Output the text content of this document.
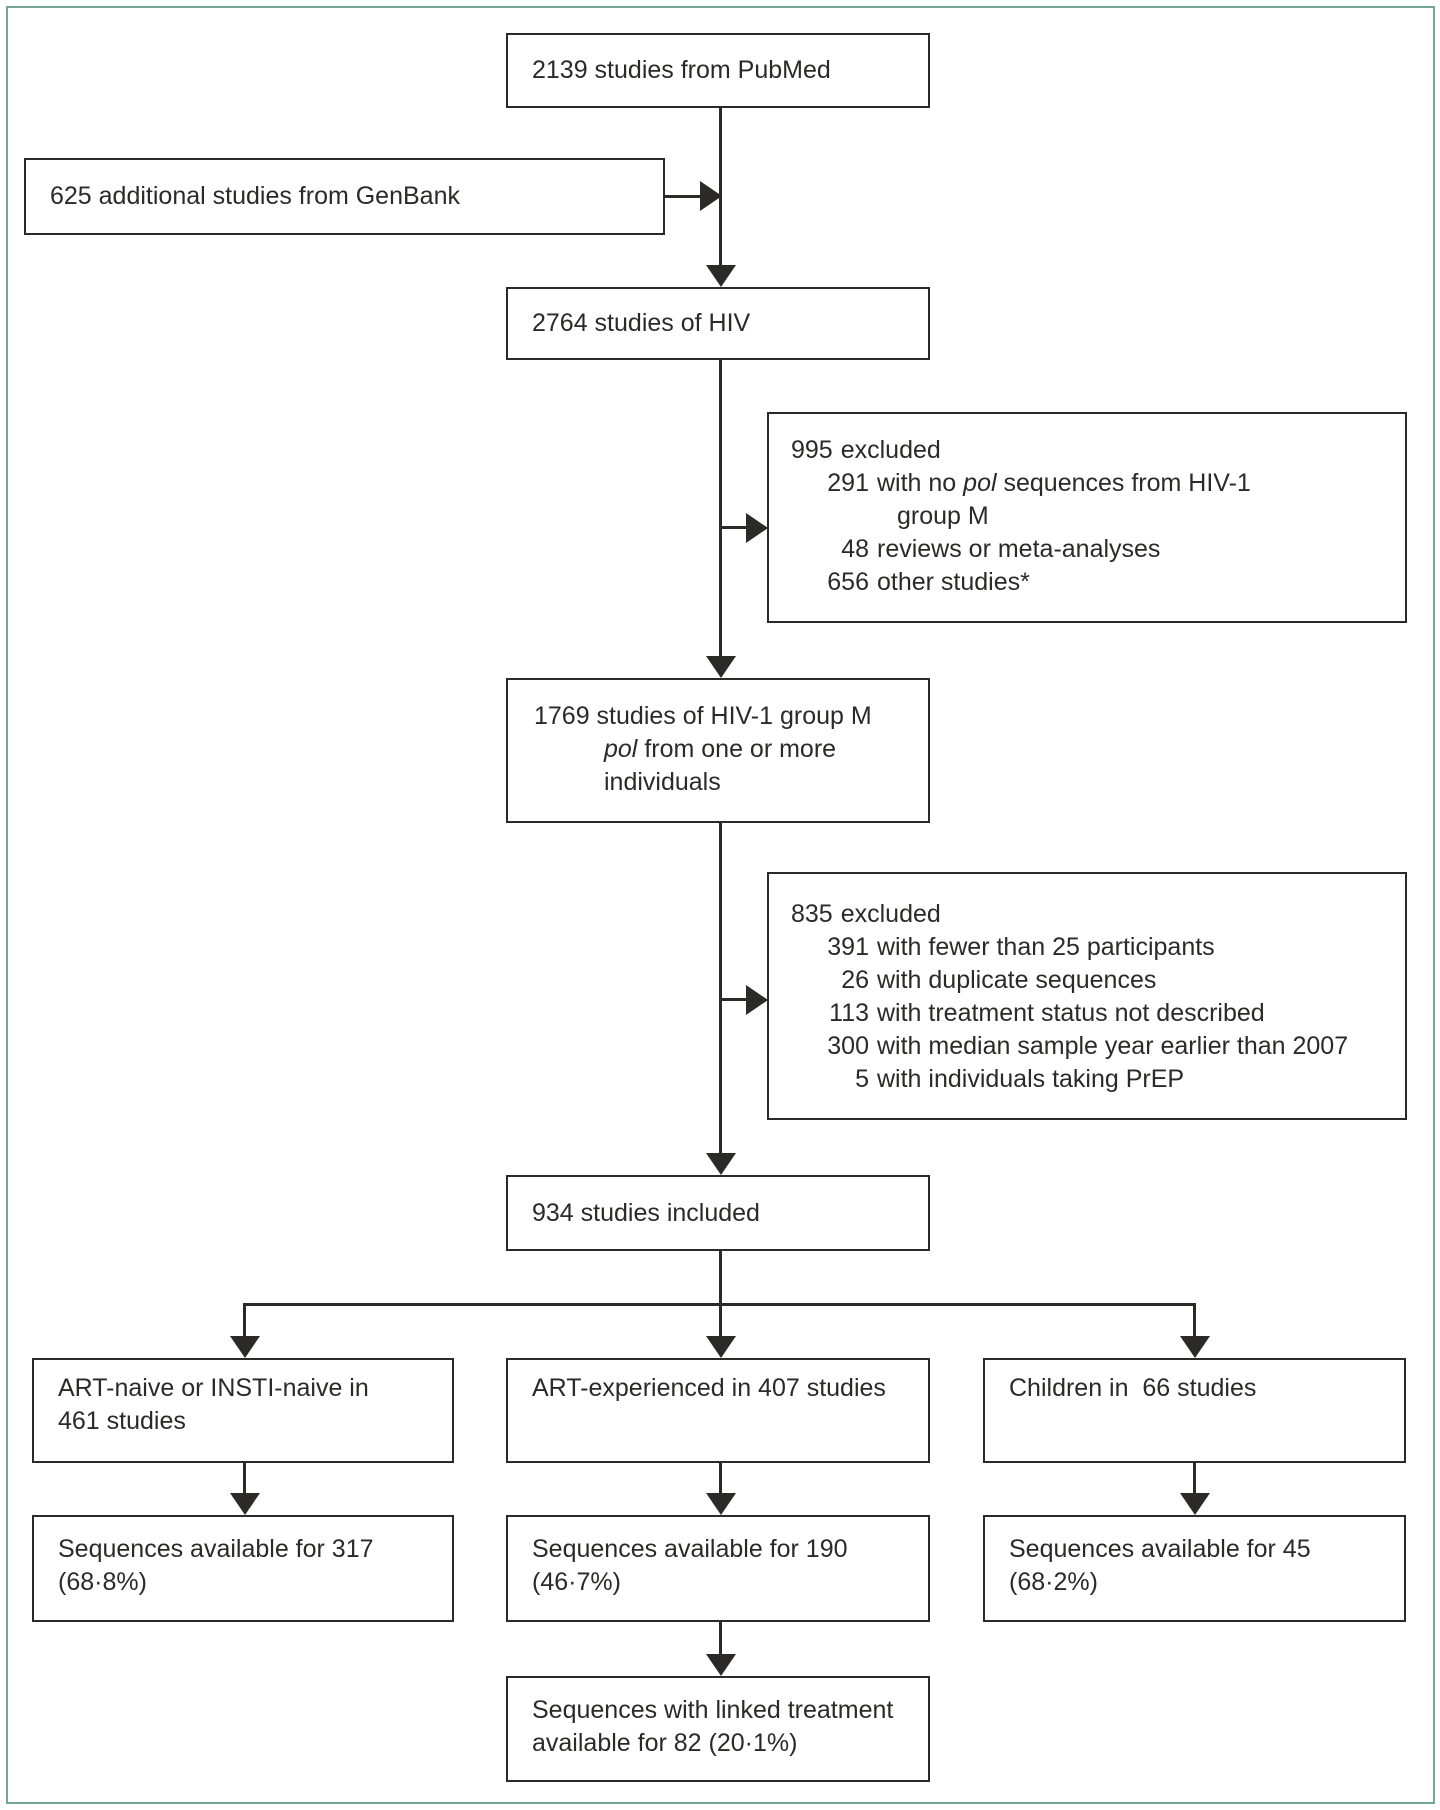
2139 studies from PubMed
625 additional studies from GenBank
2764 studies of HIV
995 excluded
291 with no pol sequences from HIV-1
group M
48 reviews or meta-analyses
656 other studies*
1769 studies of HIV-1 group M
pol from one or more
individuals
835 excluded
391 with fewer than 25 participants
26 with duplicate sequences
113 with treatment status not described
300 with median sample year earlier than 2007
5 with individuals taking PrEP
934 studies included
ART-naive or INSTI-naive in
461 studies
ART-experienced in 407 studies	Children in  66 studies
Sequences available for 317
(68·8%)
Sequences available for 190
(46·7%)
Sequences available for 45
(68·2%)
Sequences with linked treatment
available for 82 (20·1%)
